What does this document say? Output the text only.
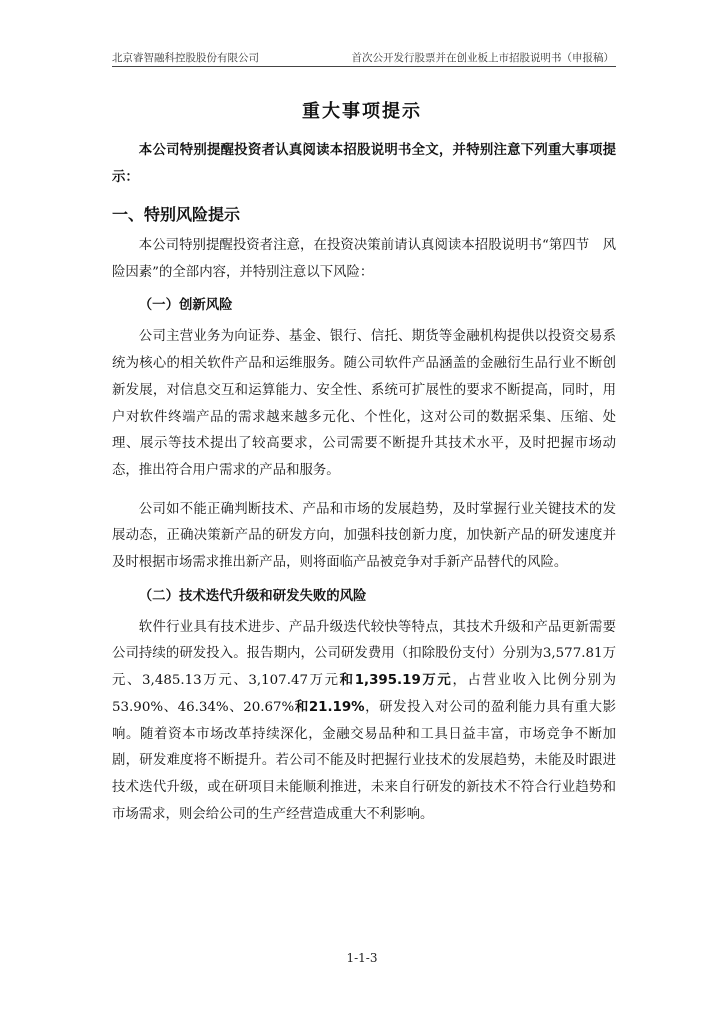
北京睿智融科控股股份有限公司	首次公开发行股票并在创业板上市招股说明书（申报稿）
重大事项提示

本公司特别提醒投资者认真阅读本招股说明书全文，并特别注意下列重大事项提示：

一、特别风险提示

本公司特别提醒投资者注意，在投资决策前请认真阅读本招股说明书“第四节　风险因素”的全部内容，并特别注意以下风险：

（一）创新风险

公司主营业务为向证券、基金、银行、信托、期货等金融机构提供以投资交易系统为核心的相关软件产品和运维服务。随公司软件产品涵盖的金融衍生品行业不断创新发展，对信息交互和运算能力、安全性、系统可扩展性的要求不断提高，同时，用户对软件终端产品的需求越来越多元化、个性化，这对公司的数据采集、压缩、处理、展示等技术提出了较高要求，公司需要不断提升其技术水平，及时把握市场动态，推出符合用户需求的产品和服务。

公司如不能正确判断技术、产品和市场的发展趋势，及时掌握行业关键技术的发展动态，正确决策新产品的研发方向，加强科技创新力度，加快新产品的研发速度并及时根据市场需求推出新产品，则将面临产品被竞争对手新产品替代的风险。

（二）技术迭代升级和研发失败的风险

软件行业具有技术进步、产品升级迭代较快等特点，其技术升级和产品更新需要公司持续的研发投入。报告期内，公司研发费用（扣除股份支付）分别为3,577.81万元、3,485.13万元、3,107.47万元和1,395.19万元，占营业收入比例分别为53.90%、46.34%、20.67%和21.19%，研发投入对公司的盈利能力具有重大影响。随着资本市场改革持续深化，金融交易品种和工具日益丰富，市场竞争不断加剧，研发难度将不断提升。若公司不能及时把握行业技术的发展趋势，未能及时跟进技术迭代升级，或在研项目未能顺利推进，未来自行研发的新技术不符合行业趋势和市场需求，则会给公司的生产经营造成重大不利影响。

1-1-3
